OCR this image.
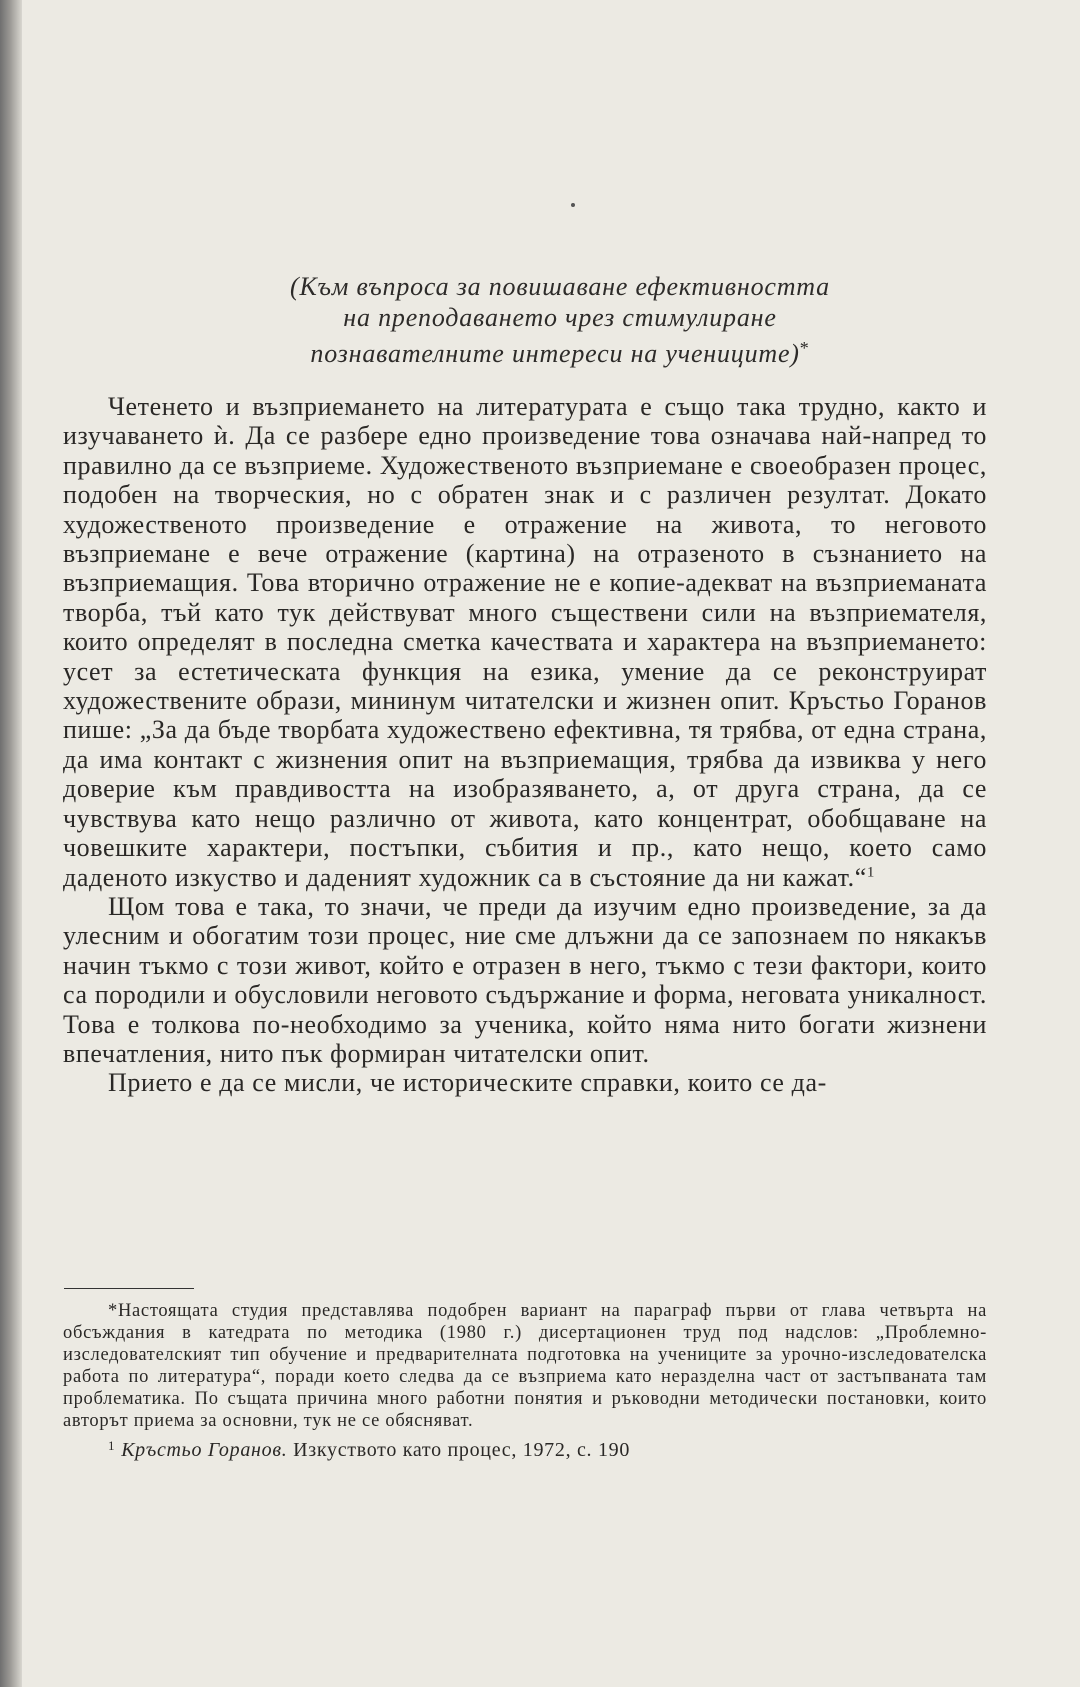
(Към въпроса за повишаване ефективността
на преподаването чрез стимулиране
познавателните интереси на учениците)*

Четенето и възприемането на литературата е също така трудно, както и изучаването ѝ. Да се разбере едно произведение това означава най-напред то правилно да се възприеме. Художественото възприемане е своеобразен процес, подобен на творческия, но с обратен знак и с различен резултат. Докато художественото произведение е отражение на живота, то неговото възприемане е вече отражение (картина) на отразеното в съзнанието на възприемащия. Това вторично отражение не е копие-адекват на възприеманата творба, тъй като тук действуват много съществени сили на възприемателя, които определят в последна сметка качествата и характера на възприемането: усет за естетическата функция на езика, умение да се реконструират художествените образи, мининум читателски и жизнен опит. Кръстьо Горанов пише: „За да бъде творбата художествено ефективна, тя трябва, от една страна, да има контакт с жизнения опит на възприемащия, трябва да извиква у него доверие към правдивостта на изобразяването, а, от друга страна, да се чувствува като нещо различно от живота, като концентрат, обобщаване на човешките характери, постъпки, събития и пр., като нещо, което само даденото изкуство и даденият художник са в състояние да ни кажат.“$^1$

Щом това е така, то значи, че преди да изучим едно произведение, за да улесним и обогатим този процес, ние сме длъжни да се запознаем по някакъв начин тъкмо с този живот, който е отразен в него, тъкмо с тези фактори, които са породили и обусловили неговото съдържание и форма, неговата уникалност. Това е толкова по-необходимо за ученика, който няма нито богати жизнени впечатления, нито пък формиран читателски опит.

Прието е да се мисли, че историческите справки, които се да-

*Настоящата студия представлява подобрен вариант на параграф първи от глава четвърта на обсъждания в катедрата по методика (1980 г.) дисертационен труд под надслов: „Проблемно-изследователският тип обучение и предварителната подготовка на учениците за урочно-изследователска работа по литература“, поради което следва да се възприема като неразделна част от застъпваната там проблематика. По същата причина много работни понятия и ръководни методически постановки, които авторът приема за основни, тук не се обясняват.

$^1$ Кръстьо Горанов. Изкуството като процес, 1972, с. 190
